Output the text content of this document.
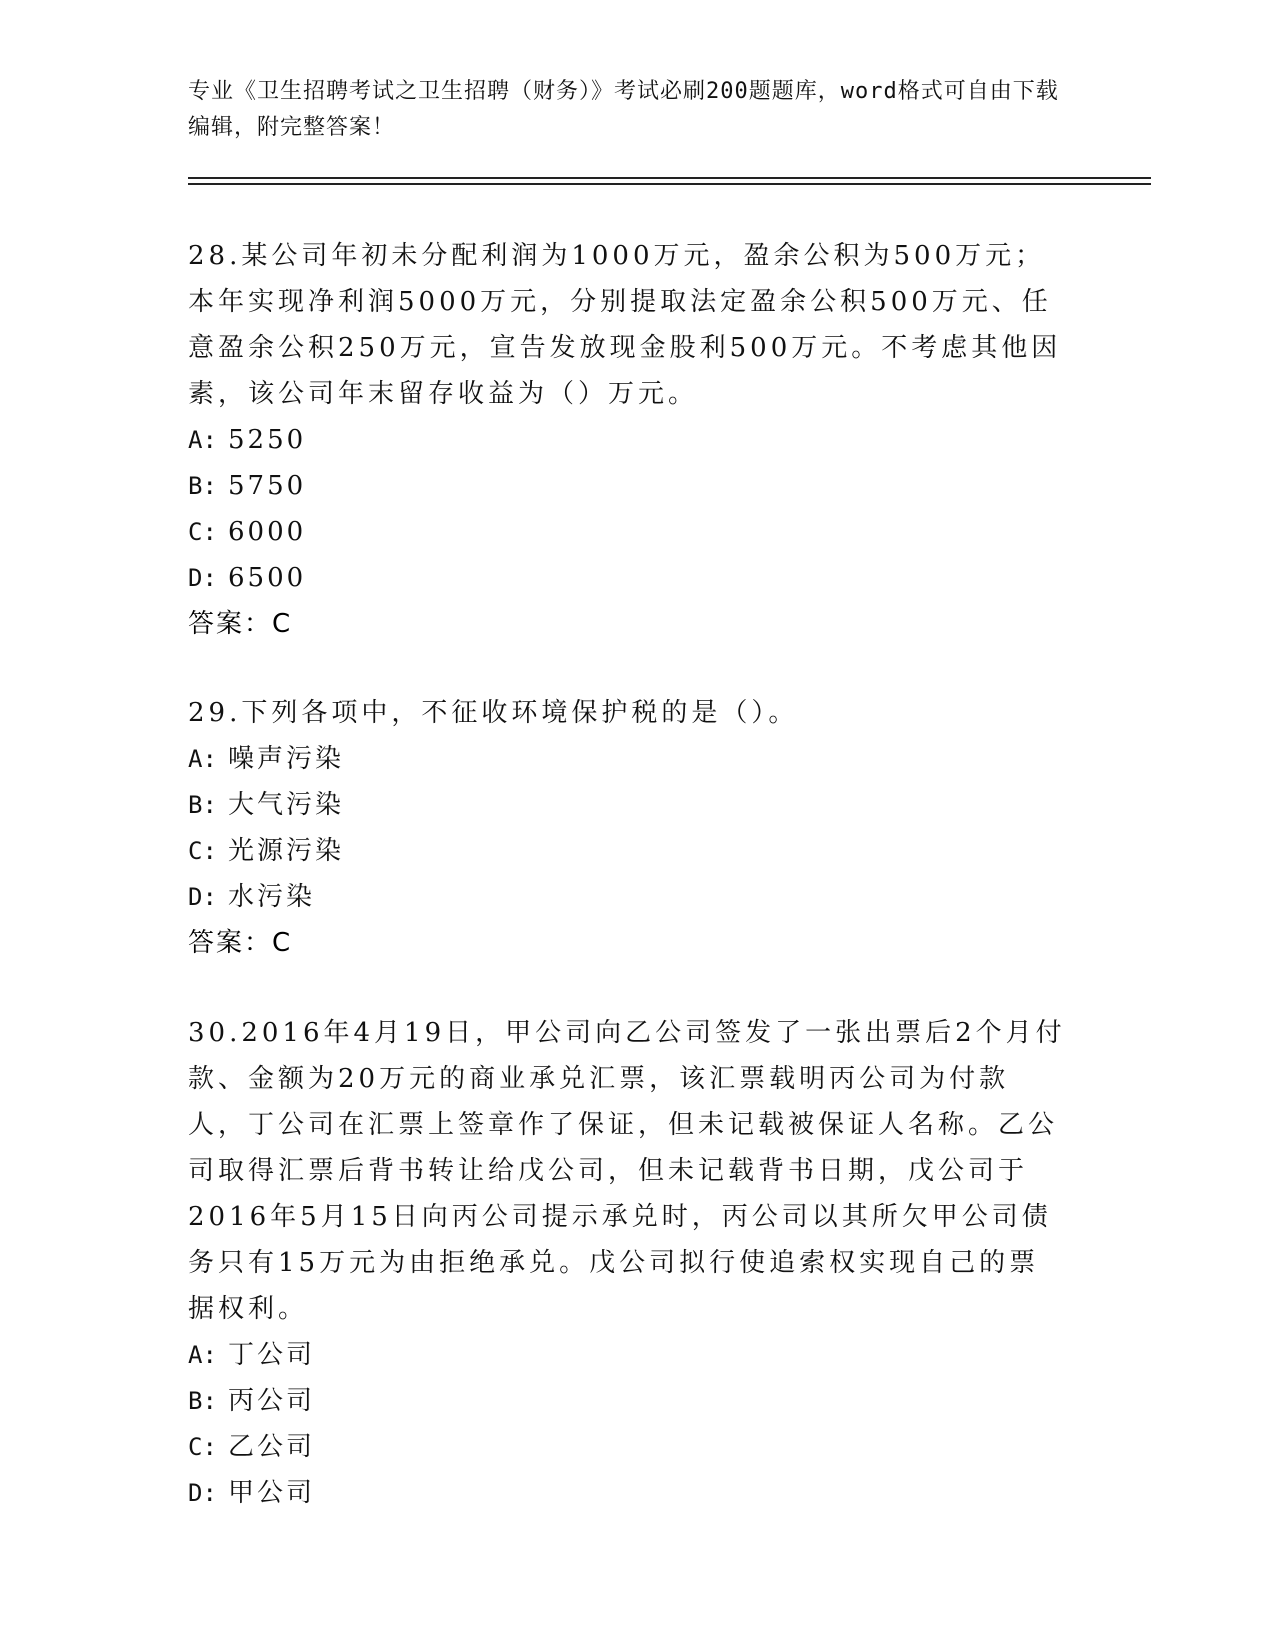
专业《卫生招聘考试之卫生招聘（财务）》考试必刷200题题库，word格式可自由下载编辑，附完整答案！

28.某公司年初未分配利润为1000万元，盈余公积为500万元；本年实现净利润5000万元，分别提取法定盈余公积500万元、任意盈余公积250万元，宣告发放现金股利500万元。不考虑其他因素，该公司年末留存收益为（）万元。

A: 5250
B: 5750
C: 6000
D: 6500

答案：C

29.下列各项中，不征收环境保护税的是（）。

A: 噪声污染
B: 大气污染
C: 光源污染
D: 水污染

答案：C

30.2016年4月19日，甲公司向乙公司签发了一张出票后2个月付款、金额为20万元的商业承兑汇票，该汇票载明丙公司为付款人，丁公司在汇票上签章作了保证，但未记载被保证人名称。乙公司取得汇票后背书转让给戊公司，但未记载背书日期，戊公司于2016年5月15日向丙公司提示承兑时，丙公司以其所欠甲公司债务只有15万元为由拒绝承兑。戊公司拟行使追索权实现自己的票据权利。

A: 丁公司
B: 丙公司
C: 乙公司
D: 甲公司
